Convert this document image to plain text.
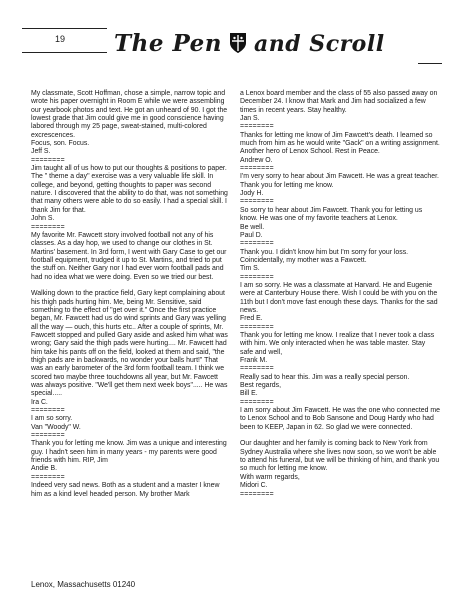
19	The Pen and Scroll

My classmate, Scott Hoffman, chose a simple, narrow topic and wrote his paper overnight in Room E while we were assembling our yearbook photos and text. He got an unheard of 90. I got the lowest grade that Jim could give me in good conscience having labored through my 25 page, sweat-stained, multi-colored excrescences.
Focus, son. Focus.
Jeff S.

========

Jim taught all of us how to put our thoughts & positions to paper. The " theme a day" exercise was a very valuable life skill. In college, and beyond, getting thoughts to paper was second nature. I discovered that the ability to do that, was not something that many others were able to do so easily. I had a special skill. I thank Jim for that.
John S.

========

My favorite Mr. Fawcett story involved football not any of his classes. As a day hop, we used to change our clothes in St. Martins' basement. In 3rd form, I went with Gary Case to get our football equipment, trudged it up to St. Martins, and tried to put the stuff on. Neither Gary nor I had ever worn football pads and had no idea what we were doing. Even so we tried our best.

Walking down to the practice field, Gary kept complaining about his thigh pads hurting him. Me, being Mr. Sensitive, said something to the effect of "get over it." Once the first practice began, Mr. Fawcett had us do wind sprints and Gary was yelling all the way — ouch, this hurts etc.. After a couple of sprints, Mr. Fawcett stopped and pulled Gary aside and asked him what was wrong; Gary said the thigh pads were hurting.... Mr. Fawcett had him take his pants off on the field, looked at them and said, "the thigh pads are in backwards, no wonder your balls hurt!" That was an early barometer of the 3rd form football team. I think we scored two maybe three touchdowns all year, but Mr. Fawcett was always positive. "We'll get them next week boys"..... He was special.....
Ira C.

========

I am so sorry.
Van "Woody" W.

========

Thank you for letting me know. Jim was a unique and interesting guy. I hadn't seen him in many years - my parents were good friends with him. RIP, Jim
Andie B.

========

Indeed very sad news. Both as a student and a master I knew him as a kind level headed person. My brother Mark

a Lenox board member and the class of 55 also passed away on December 24. I know that Mark and Jim had socialized a few times in recent years. Stay healthy.
Jan S.

========

Thanks for letting me know of Jim Fawcett's death. I learned so much from him as he would write "Gack" on a writing assignment. Another hero of Lenox School. Rest in Peace.
Andrew O.

========

I'm very sorry to hear about Jim Fawcett. He was a great teacher. Thank you for letting me know.
Jody H.

========

So sorry to hear about Jim Fawcett. Thank you for letting us know. He was one of my favorite teachers at Lenox.
Be well.
Paul D.

========

Thank you. I didn't know him but I'm sorry for your loss. Coincidentally, my mother was a Fawcett.
Tim S.

========

I am so sorry. He was a classmate at Harvard. He and Eugenie were at Canterbury House there. Wish I could be with you on the 11th but I don't move fast enough these days. Thanks for the sad news.
Fred E.

========

Thank you for letting me know. I realize that I never took a class with him. We only interacted when he was table master. Stay safe and well,
Frank M.

========

Really sad to hear this. Jim was a really special person.
Best regards,
Bill E.

========

I am sorry about Jim Fawcett. He was the one who connected me to Lenox School and to Bob Sansone and Doug Hardy who had been to KEEP, Japan in 62. So glad we were connected.

Our daughter and her family is coming back to New York from Sydney Australia where she lives now soon, so we won't be able to attend his funeral, but we will be thinking of him, and thank you so much for letting me know.
With warm regards,
Midori C.

========

Lenox, Massachusetts 01240
